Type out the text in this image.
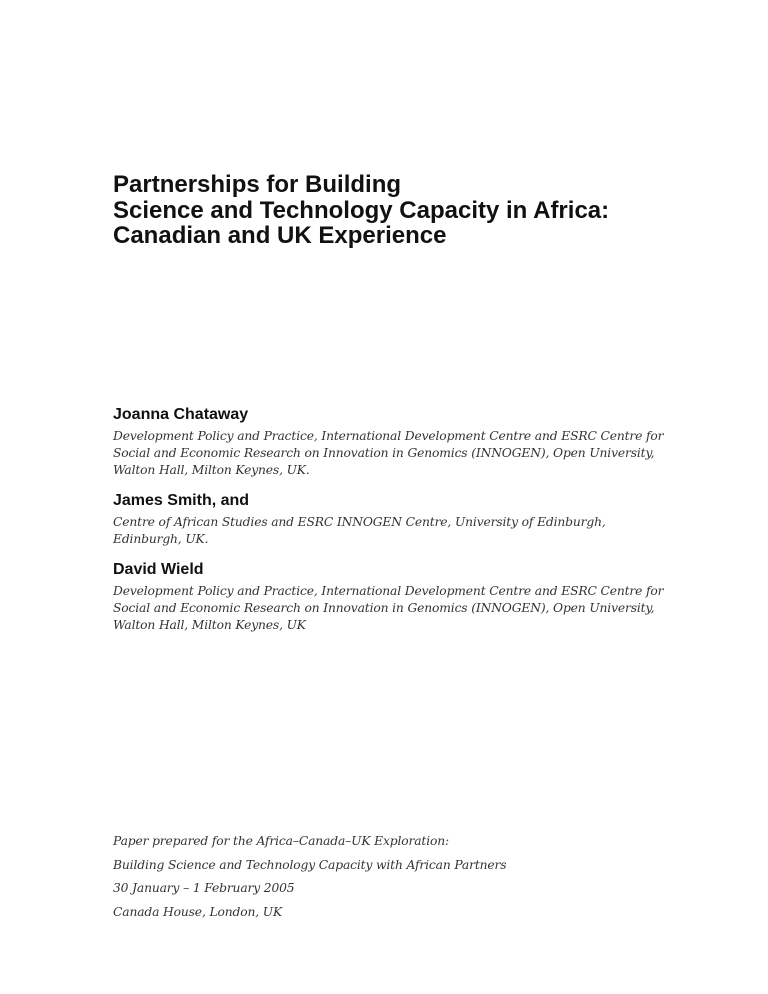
Partnerships for Building
Science and Technology Capacity in Africa:
Canadian and UK Experience
Joanna Chataway
Development Policy and Practice, International Development Centre and ESRC Centre for
Social and Economic Research on Innovation in Genomics (INNOGEN), Open University,
Walton Hall, Milton Keynes, UK.
James Smith, and
Centre of African Studies and ESRC INNOGEN Centre, University of Edinburgh,
Edinburgh, UK.
David Wield
Development Policy and Practice, International Development Centre and ESRC Centre for
Social and Economic Research on Innovation in Genomics (INNOGEN), Open University,
Walton Hall, Milton Keynes, UK
Paper prepared for the Africa–Canada–UK Exploration:
Building Science and Technology Capacity with African Partners
30 January – 1 February 2005
Canada House, London, UK
